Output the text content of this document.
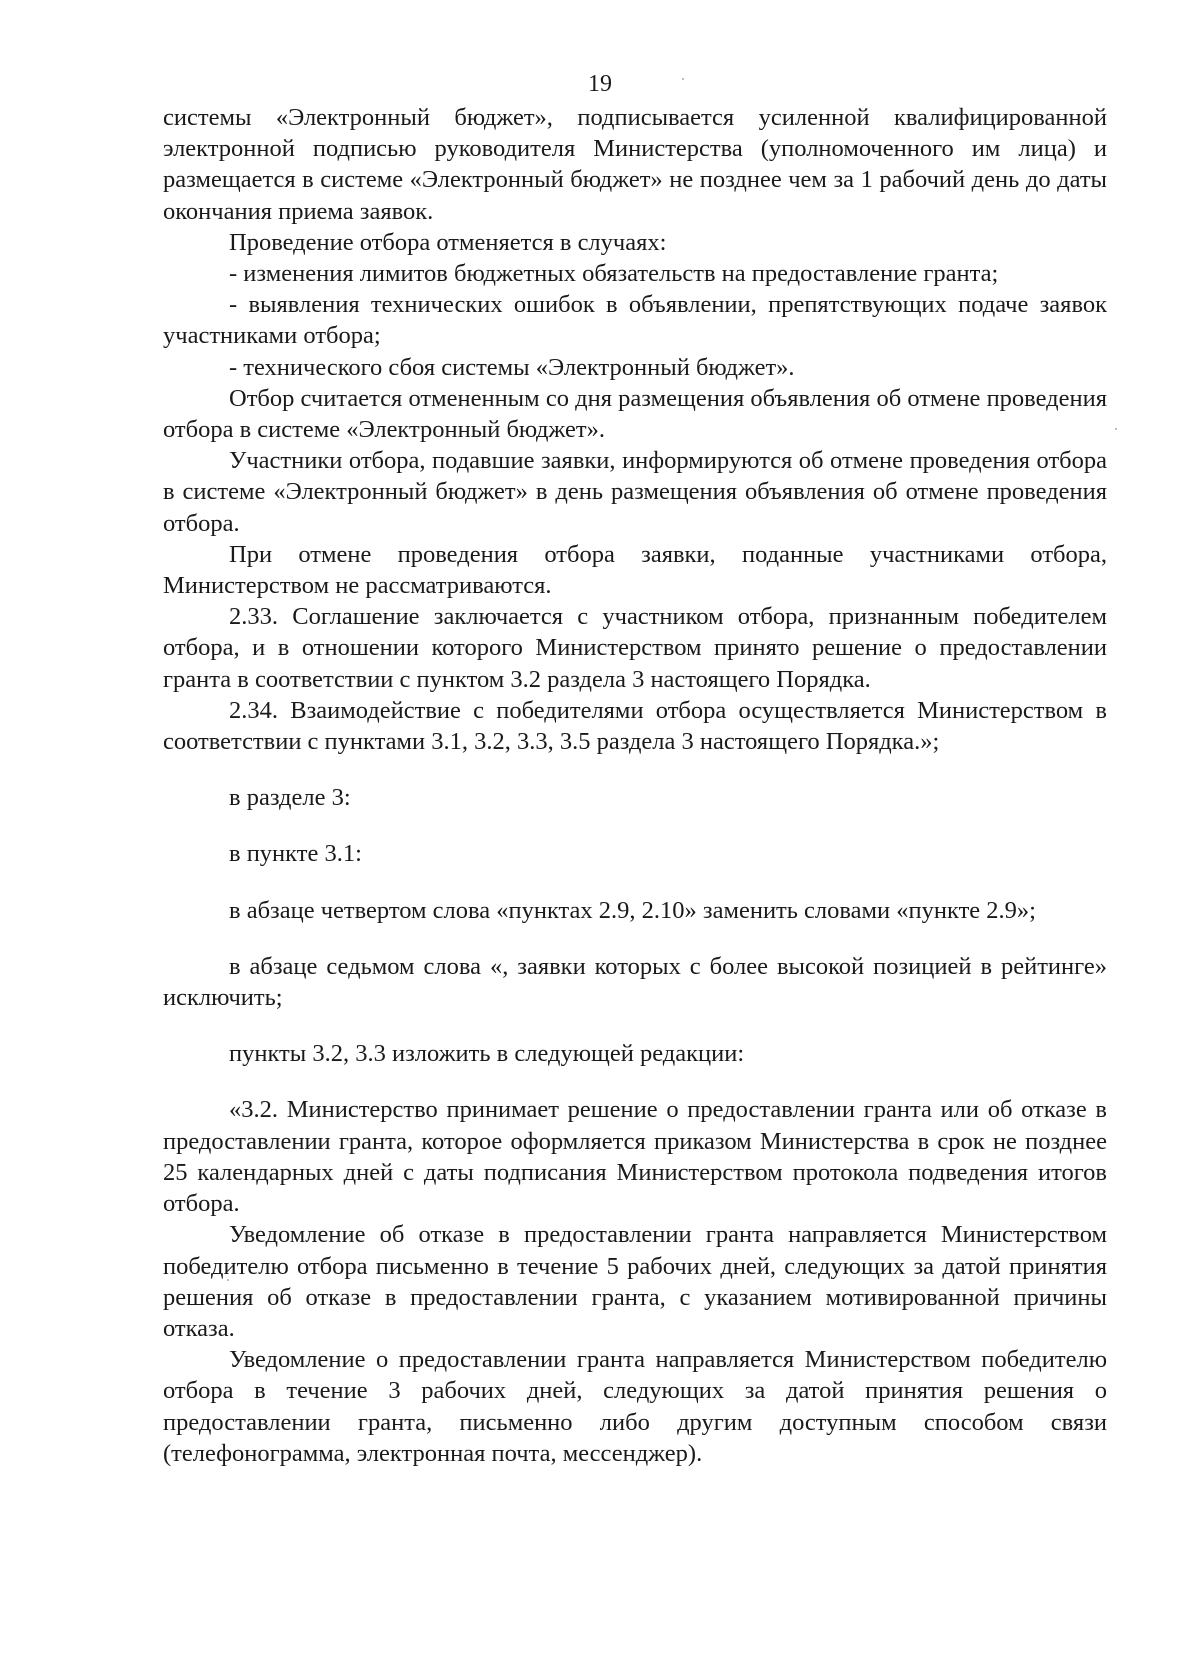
19

системы «Электронный бюджет», подписывается усиленной квалифицированной электронной подписью руководителя Министерства (уполномоченного им лица) и размещается в системе «Электронный бюджет» не позднее чем за 1 рабочий день до даты окончания приема заявок.

Проведение отбора отменяется в случаях:

- изменения лимитов бюджетных обязательств на предоставление гранта;

- выявления технических ошибок в объявлении, препятствующих подаче заявок участниками отбора;

- технического сбоя системы «Электронный бюджет».

Отбор считается отмененным со дня размещения объявления об отмене проведения отбора в системе «Электронный бюджет».

Участники отбора, подавшие заявки, информируются об отмене проведения отбора в системе «Электронный бюджет» в день размещения объявления об отмене проведения отбора.

При отмене проведения отбора заявки, поданные участниками отбора, Министерством не рассматриваются.

2.33. Соглашение заключается с участником отбора, признанным победителем отбора, и в отношении которого Министерством принято решение о предоставлении гранта в соответствии с пунктом 3.2 раздела 3 настоящего Порядка.

2.34. Взаимодействие с победителями отбора осуществляется Министерством в соответствии с пунктами 3.1, 3.2, 3.3, 3.5 раздела 3 настоящего Порядка.»;

в разделе 3:

в пункте 3.1:

в абзаце четвертом слова «пунктах 2.9, 2.10» заменить словами «пункте 2.9»;

в абзаце седьмом слова «, заявки которых с более высокой позицией в рейтинге» исключить;

пункты 3.2, 3.3 изложить в следующей редакции:

«3.2. Министерство принимает решение о предоставлении гранта или об отказе в предоставлении гранта, которое оформляется приказом Министерства в срок не позднее 25 календарных дней с даты подписания Министерством протокола подведения итогов отбора.

Уведомление об отказе в предоставлении гранта направляется Министерством победителю отбора письменно в течение 5 рабочих дней, следующих за датой принятия решения об отказе в предоставлении гранта, с указанием мотивированной причины отказа.

Уведомление о предоставлении гранта направляется Министерством победителю отбора в течение 3 рабочих дней, следующих за датой принятия решения о предоставлении гранта, письменно либо другим доступным способом связи (телефонограмма, электронная почта, мессенджер).
